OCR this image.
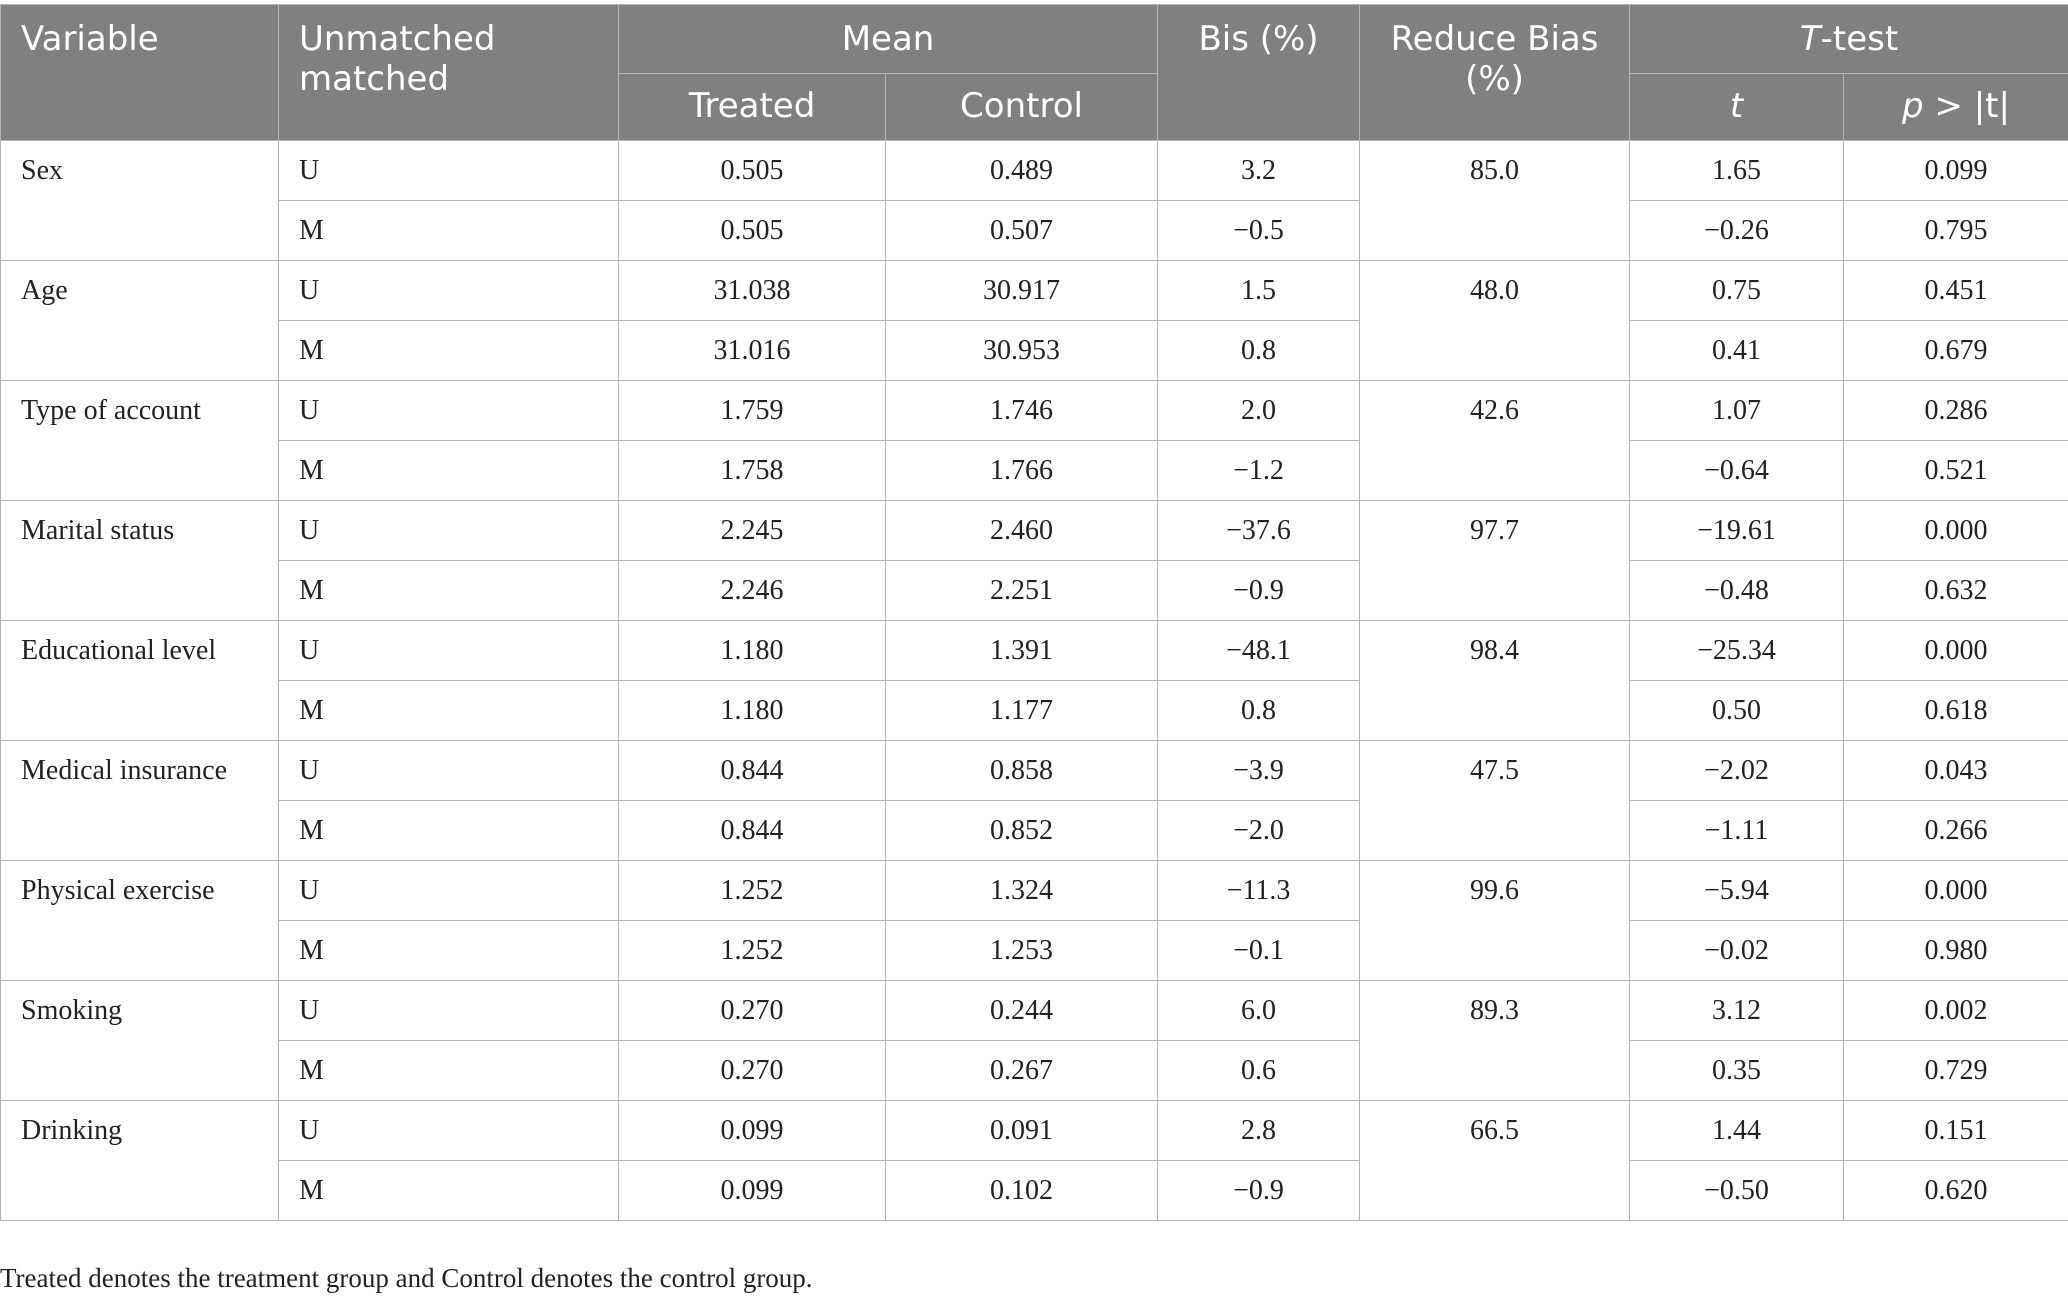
Variable	Unmatched matched	Mean		Bis (%)	Reduce Bias (%)	T-test	
		Treated	Control			t	p > |t|
Sex	U	0.505	0.489	3.2	85.0	1.65	0.099
	M	0.505	0.507	−0.5		−0.26	0.795
Age	U	31.038	30.917	1.5	48.0	0.75	0.451
	M	31.016	30.953	0.8		0.41	0.679
Type of account	U	1.759	1.746	2.0	42.6	1.07	0.286
	M	1.758	1.766	−1.2		−0.64	0.521
Marital status	U	2.245	2.460	−37.6	97.7	−19.61	0.000
	M	2.246	2.251	−0.9		−0.48	0.632
Educational level	U	1.180	1.391	−48.1	98.4	−25.34	0.000
	M	1.180	1.177	0.8		0.50	0.618
Medical insurance	U	0.844	0.858	−3.9	47.5	−2.02	0.043
	M	0.844	0.852	−2.0		−1.11	0.266
Physical exercise	U	1.252	1.324	−11.3	99.6	−5.94	0.000
	M	1.252	1.253	−0.1		−0.02	0.980
Smoking	U	0.270	0.244	6.0	89.3	3.12	0.002
	M	0.270	0.267	0.6		0.35	0.729
Drinking	U	0.099	0.091	2.8	66.5	1.44	0.151
	M	0.099	0.102	−0.9		−0.50	0.620
Treated denotes the treatment group and Control denotes the control group.
